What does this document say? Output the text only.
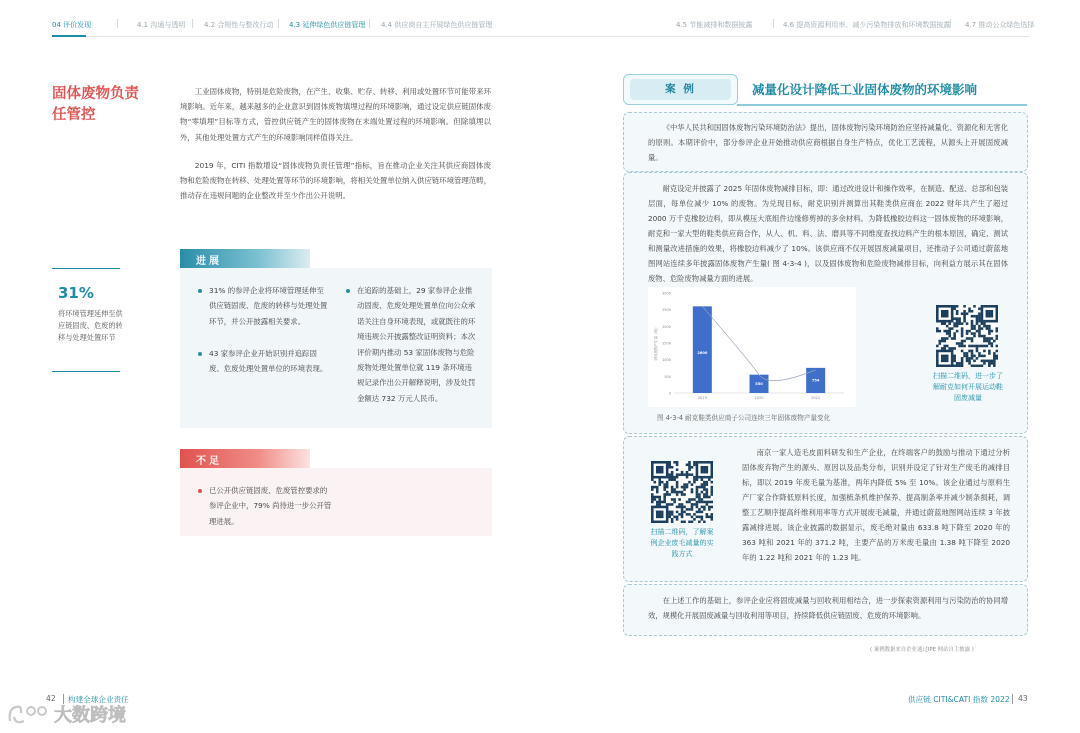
04 评价发现	4.1 沟通与透明	4.2 合规性与整改行动 4.3 延伸绿色供应链管理 4.4 供应商自主开展绿色供应链管理	4.5 节能减排和数据披露	4.6 提高资源利用率、减少污染物排放和环境数据披露 4.7 推动公众绿色选择
固体废物负责任管控
工业固体废物，特别是危险废物，在产生、收集、贮存、转移、利用或处置环节可能带来环境影响。近年来，越来越多的企业意识到固体废物填埋过程的环境影响，通过设定供应链固体废物“零填埋”目标等方式，管控供应链产生的固体废物在末端处置过程的环境影响。但除填埋以外，其他处理处置方式产生的环境影响同样值得关注。
2019 年，CITI 指数增设“固体废物负责任管理”指标，旨在推动企业关注其供应商固体废物和危险废物在转移、处理处置等环节的环境影响，将相关处置单位纳入供应链环境管理范畴，推动存在违规问题的企业整改并至少作出公开说明。
31%
将环境管理延伸至供应链固废、危废的转移与处理处置环节
进展
31% 的参评企业将环境管理延伸至供应链固废、危废的转移与处理处置环节，并公开披露相关要求。
43 家参评企业开始识别并追踪固废、危废处理处置单位的环境表现。
在追踪的基础上，29 家参评企业推动固废、危废处理处置单位向公众承诺关注自身环境表现，或就既往的环境违规公开披露整改证明资料；本次评价期内推动 53 家固体废物与危险废物处理处置单位就 119 条环境违规记录作出公开解释说明，涉及处罚金额达 732 万元人民币。
不足
已公开供应链固废、危废管控要求的参评企业中，79% 尚待进一步公开管理进展。
案 例	减量化设计降低工业固体废物的环境影响
《中华人民共和国固体废物污染环境防治法》提出，固体废物污染环境防治应坚持减量化、资源化和无害化的原则。本期评价中，部分参评企业开始推动供应商根据自身生产特点，优化工艺流程，从源头上开展固废减量。
耐克设定并披露了 2025 年固体废物减排目标，即：通过改进设计和操作效率，在制造、配送、总部和包装层面，每单位减少 10% 的废物。为兑现目标，耐克识别并测算出其鞋类供应商在 2022 财年共产生了超过 2000 万千克橡胶边料，即从模压大底组件边缘修剪掉的多余材料。为降低橡胶边料这一固体废物的环境影响，耐克和一家大型的鞋类供应商合作，从人、机、料、法、磨具等不同维度查找边料产生的根本原因，确定、测试和测量改进措施的效果，将橡胶边料减少了 10%。该供应商不仅开展固废减量项目，还推动子公司通过蔚蓝地图网站连续多年披露固体废物产生量( 图 4-3-4 )，以及固体废物和危险废物减排目标，向利益方展示其在固体废物、危险废物减量方面的进展。
3000
2500
2000
1500
1000
500
0
固体废物产生量（吨）	2600
2019
550
2020
754
2021
图 4-3-4 耐克鞋类供应商子公司连续三年固体废物产量变化
扫描二维码，进一步了解耐克如何开展运动鞋固废减量
南京一家人造毛皮面料研发和生产企业，在终端客户的鼓励与推动下通过分析固体废弃物产生的源头、原因以及品类分布，识别并设定了针对生产废毛的减排目标，即以 2019 年废毛量为基准，两年内降低 5% 至 10%。该企业通过与原料生产厂家合作降低原料长度，加强梳条机维护保养、提高制条率并减少制条损耗，调整工艺顺序提高纤维利用率等方式开展废毛减量，并通过蔚蓝地图网站连续 3 年披露减排进展。该企业披露的数据显示，废毛绝对量由 633.8 吨下降至 2020 年的 363 吨和 2021 年的 371.2 吨，主要产品的万米废毛量由 1.38 吨下降至 2020 年的 1.22 吨和 2021 年的 1.23 吨。
扫描二维码，了解案例企业废毛减量的实践方式
在上述工作的基础上，参评企业应将固废减量与回收利用相结合，进一步探索资源利用与污染防治的协同增效，规模化开展固废减量与回收利用等项目，持续降低供应链固废、危废的环境影响。
( 案例数据来自企业通过IPE 网站自主披露 )
42 构建全球企业责任	供应链 CITI&CATI 指数 2022 43
大数跨境
